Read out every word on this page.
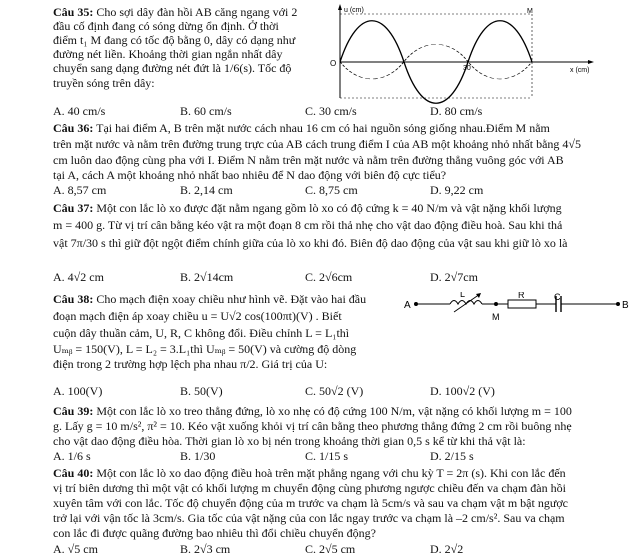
Câu 35: Cho sợi dây đàn hồi AB căng ngang với 2
đầu cố định đang có sóng dừng ổn định. Ở thời
điểm t₁ M đang có tốc độ bằng 0, dây có dạng như
đường nét liền. Khoảng thời gian ngắn nhất dây
chuyển sang dạng đường nét đứt là 1/6(s). Tốc độ
truyền sóng trên dây:
u (cm)
x (cm)
O
30
M
A. 40 cm/s	B. 60 cm/s	C. 30 cm/s	D. 80 cm/s
Câu 36: Tại hai điểm A, B trên mặt nước cách nhau 16 cm có hai nguồn sóng giống nhau.Điểm M nằm
trên mặt nước và nằm trên đường trung trực của AB cách trung điểm I của AB một khoảng nhỏ nhất bằng 4√5
cm luôn dao động cùng pha với I. Điểm N nằm trên mặt nước và nằm trên đường thẳng vuông góc với AB
tại A, cách A một khoảng nhỏ nhất bao nhiêu để N dao động với biên độ cực tiểu?
A. 8,57 cm	B. 2,14 cm	C. 8,75 cm	D. 9,22 cm
Câu 37: Một con lắc lò xo được đặt nằm ngang gồm lò xo có độ cứng k = 40 N/m và vật nặng khối lượng
m = 400 g. Từ vị trí cân bằng kéo vật ra một đoạn 8 cm rồi thả nhẹ cho vật dao động điều hoà. Sau khi thả
vật 7π/30 s thì giữ đột ngột điểm chính giữa của lò xo khi đó. Biên độ dao động của vật sau khi giữ lò xo là
A. 4√2 cm	B. 2√14cm	C. 2√6cm	D. 2√7cm
Câu 38: Cho mạch điện xoay chiều như hình vẽ. Đặt vào hai đầu
đoạn mạch điện áp xoay chiều u = U√2 cos(100πt)(V) . Biết
cuộn dây thuần cảm, U, R, C không đổi. Điều chỉnh L = L₁thì
Uₘᵦ = 150(V), L = L₂ = 3.L₁thì Uₘᵦ = 50(V) và cường độ dòng
điện trong 2 trường hợp lệch pha nhau π/2. Giá trị của U:
A
L
M
R	C
B
A. 100(V)	B. 50(V)	C. 50√2 (V)	D. 100√2 (V)
Câu 39: Một con lắc lò xo treo thẳng đứng, lò xo nhẹ có độ cứng 100 N/m, vật nặng có khối lượng m = 100
g. Lấy g = 10 m/s², π² = 10. Kéo vật xuống khỏi vị trí cân bằng theo phương thẳng đứng 2 cm rồi buông nhẹ
cho vật dao động điều hòa. Thời gian lò xo bị nén trong khoảng thời gian 0,5 s kể từ khi thả vật là:
A. 1/6 s	B. 1/30	C. 1/15 s	D. 2/15 s
Câu 40: Một con lắc lò xo dao động điều hoà trên mặt phẳng ngang với chu kỳ T = 2π (s). Khi con lắc đến
vị trí biên dương thì một vật có khối lượng m chuyển động cùng phương ngược chiều đến va chạm đàn hồi
xuyên tâm với con lắc. Tốc độ chuyển động của m trước va chạm là 5cm/s và sau va chạm vật m bật ngược
trở lại với vận tốc là 3cm/s. Gia tốc của vật nặng của con lắc ngay trước va chạm là –2 cm/s². Sau va chạm
con lắc đi được quãng đường bao nhiêu thì đổi chiều chuyển động?
A. √5 cm	B. 2√3 cm	C. 2√5 cm	D. 2√2
